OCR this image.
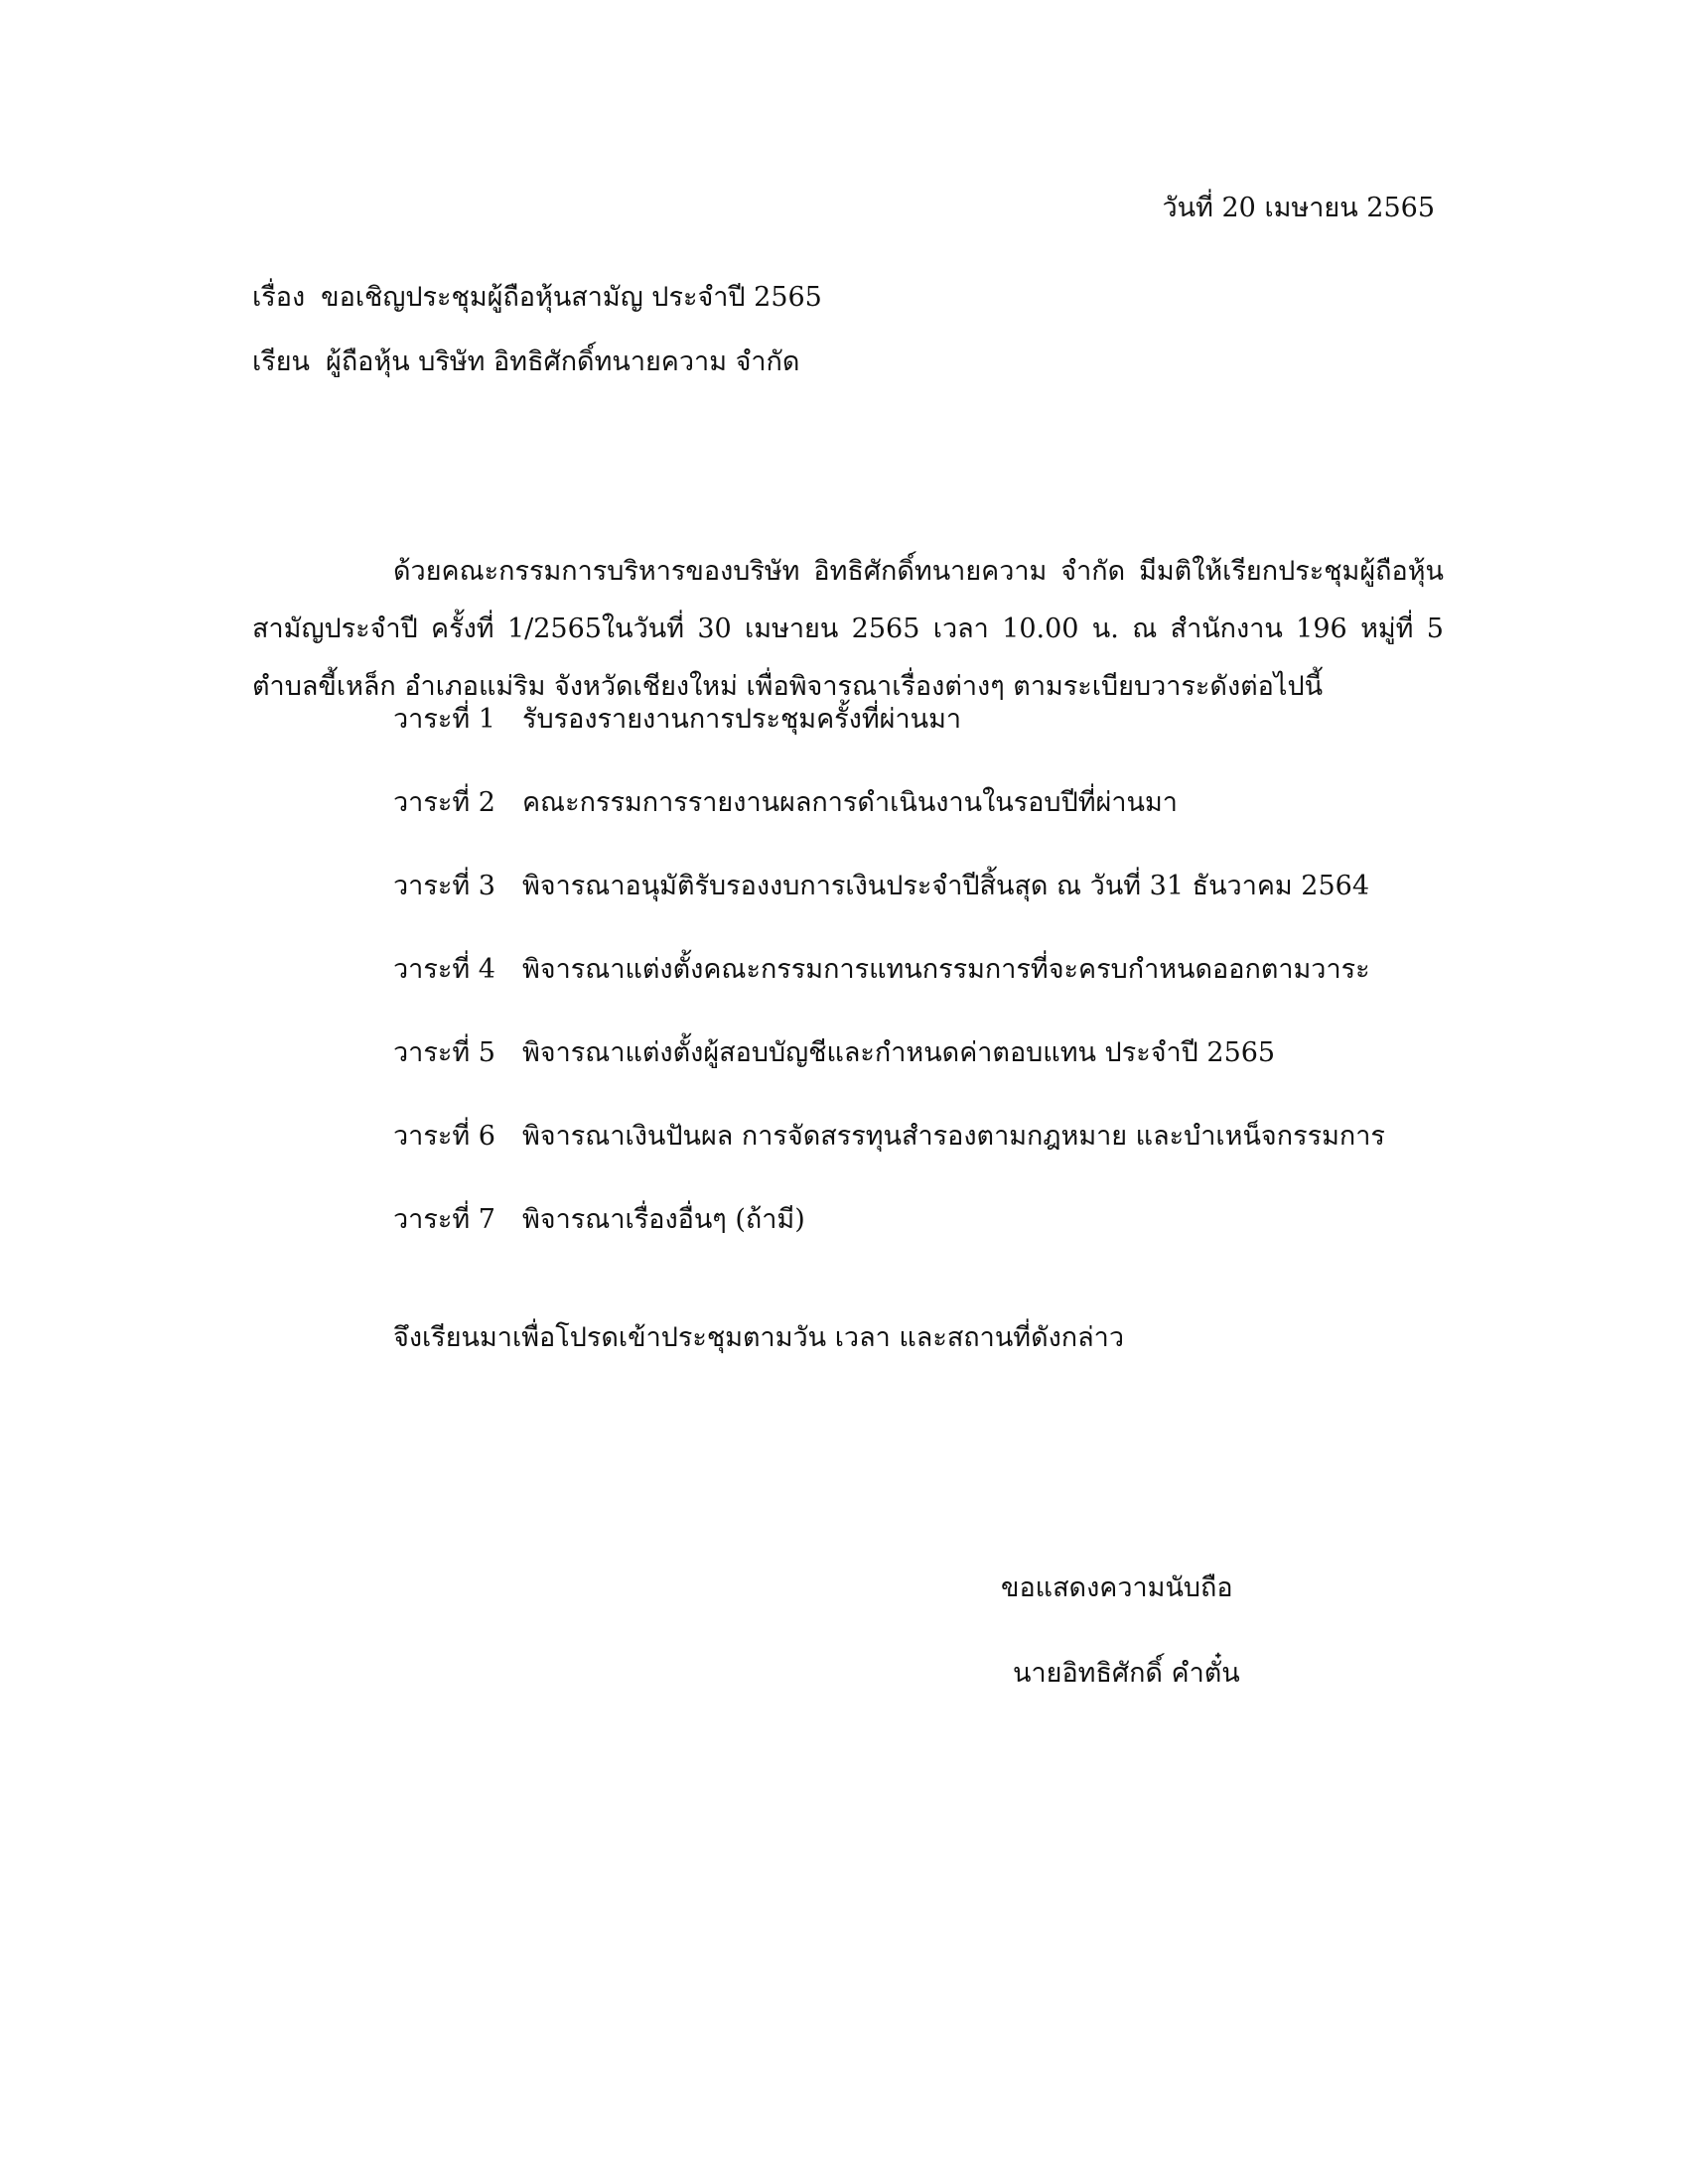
วันที่ 20 เมษายน 2565
เรื่อง ขอเชิญประชุมผู้ถือหุ้นสามัญ ประจำปี 2565
เรียน ผู้ถือหุ้น บริษัท อิทธิศักดิ์ทนายความ จำกัด

ด้วยคณะกรรมการบริหารของบริษัท อิทธิศักดิ์ทนายความ จำกัด มีมติให้เรียกประชุมผู้ถือหุ้นสามัญประจำปี ครั้งที่ 1/2565ในวันที่ 30 เมษายน 2565 เวลา 10.00 น. ณ สำนักงาน 196 หมู่ที่ 5 ตำบลขี้เหล็ก อำเภอแม่ริม จังหวัดเชียงใหม่ เพื่อพิจารณาเรื่องต่างๆ ตามระเบียบวาระดังต่อไปนี้

วาระที่ 1 รับรองรายงานการประชุมครั้งที่ผ่านมา
วาระที่ 2 คณะกรรมการรายงานผลการดำเนินงานในรอบปีที่ผ่านมา
วาระที่ 3 พิจารณาอนุมัติรับรองงบการเงินประจำปีสิ้นสุด ณ วันที่ 31 ธันวาคม 2564
วาระที่ 4 พิจารณาแต่งตั้งคณะกรรมการแทนกรรมการที่จะครบกำหนดออกตามวาระ
วาระที่ 5 พิจารณาแต่งตั้งผู้สอบบัญชีและกำหนดค่าตอบแทน ประจำปี 2565
วาระที่ 6 พิจารณาเงินปันผล การจัดสรรทุนสำรองตามกฎหมาย และบำเหน็จกรรมการ
วาระที่ 7 พิจารณาเรื่องอื่นๆ (ถ้ามี)
จึงเรียนมาเพื่อโปรดเข้าประชุมตามวัน เวลา และสถานที่ดังกล่าว
ขอแสดงความนับถือ
นายอิทธิศักดิ์ คำตั๋น
